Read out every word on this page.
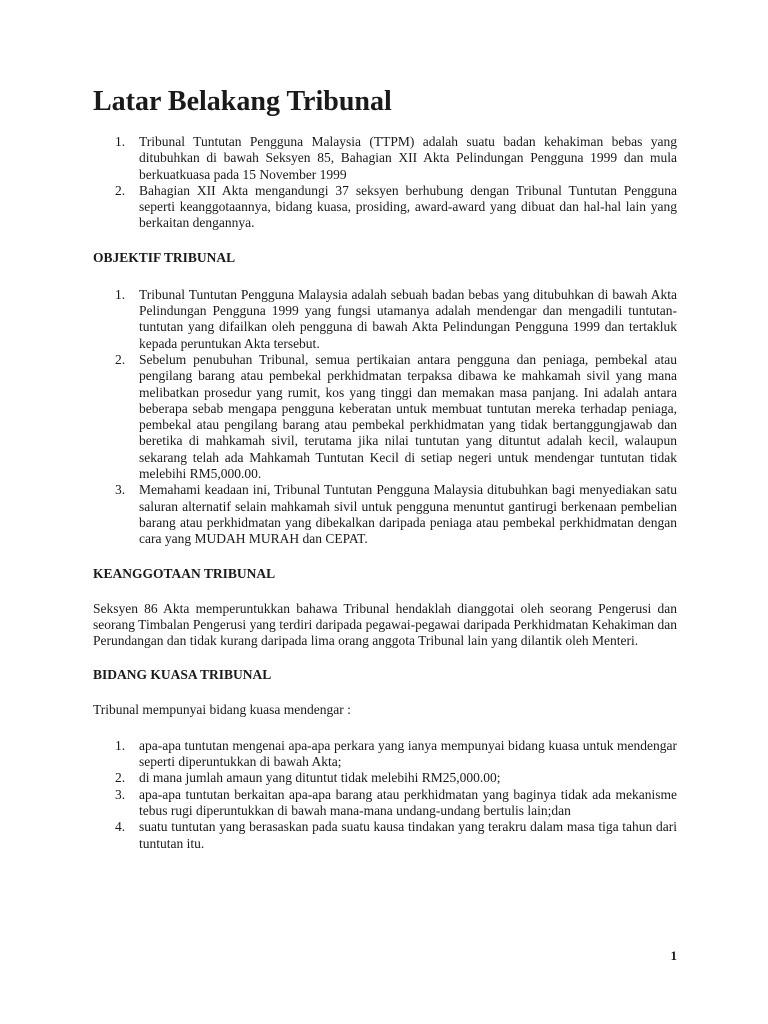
Latar Belakang Tribunal
1. Tribunal Tuntutan Pengguna Malaysia (TTPM) adalah suatu badan kehakiman bebas yang ditubuhkan di bawah Seksyen 85, Bahagian XII Akta Pelindungan Pengguna 1999 dan mula berkuatkuasa pada 15 November 1999
2. Bahagian XII Akta mengandungi 37 seksyen berhubung dengan Tribunal Tuntutan Pengguna seperti keanggotaannya, bidang kuasa, prosiding, award-award yang dibuat dan hal-hal lain yang berkaitan dengannya.
OBJEKTIF TRIBUNAL
1. Tribunal Tuntutan Pengguna Malaysia adalah sebuah badan bebas yang ditubuhkan di bawah Akta Pelindungan Pengguna 1999 yang fungsi utamanya adalah mendengar dan mengadili tuntutan-tuntutan yang difailkan oleh pengguna di bawah Akta Pelindungan Pengguna 1999 dan tertakluk kepada peruntukan Akta tersebut.
2. Sebelum penubuhan Tribunal, semua pertikaian antara pengguna dan peniaga, pembekal atau pengilang barang atau pembekal perkhidmatan terpaksa dibawa ke mahkamah sivil yang mana melibatkan prosedur yang rumit, kos yang tinggi dan memakan masa panjang. Ini adalah antara beberapa sebab mengapa pengguna keberatan untuk membuat tuntutan mereka terhadap peniaga, pembekal atau pengilang barang atau pembekal perkhidmatan yang tidak bertanggungjawab dan beretika di mahkamah sivil, terutama jika nilai tuntutan yang dituntut adalah kecil, walaupun sekarang telah ada Mahkamah Tuntutan Kecil di setiap negeri untuk mendengar tuntutan tidak melebihi RM5,000.00.
3. Memahami keadaan ini, Tribunal Tuntutan Pengguna Malaysia ditubuhkan bagi menyediakan satu saluran alternatif selain mahkamah sivil untuk pengguna menuntut gantirugi berkenaan pembelian barang atau perkhidmatan yang dibekalkan daripada peniaga atau pembekal perkhidmatan dengan cara yang MUDAH MURAH dan CEPAT.
KEANGGOTAAN TRIBUNAL

Seksyen 86 Akta memperuntukkan bahawa Tribunal hendaklah dianggotai oleh seorang Pengerusi dan seorang Timbalan Pengerusi yang terdiri daripada pegawai-pegawai daripada Perkhidmatan Kehakiman dan Perundangan dan tidak kurang daripada lima orang anggota Tribunal lain yang dilantik oleh Menteri.

BIDANG KUASA TRIBUNAL

Tribunal mempunyai bidang kuasa mendengar :

1. apa-apa tuntutan mengenai apa-apa perkara yang ianya mempunyai bidang kuasa untuk mendengar seperti diperuntukkan di bawah Akta;
2. di mana jumlah amaun yang dituntut tidak melebihi RM25,000.00;
3. apa-apa tuntutan berkaitan apa-apa barang atau perkhidmatan yang baginya tidak ada mekanisme tebus rugi diperuntukkan di bawah mana-mana undang-undang bertulis lain;dan
4. suatu tuntutan yang berasaskan pada suatu kausa tindakan yang terakru dalam masa tiga tahun dari tuntutan itu.
1
